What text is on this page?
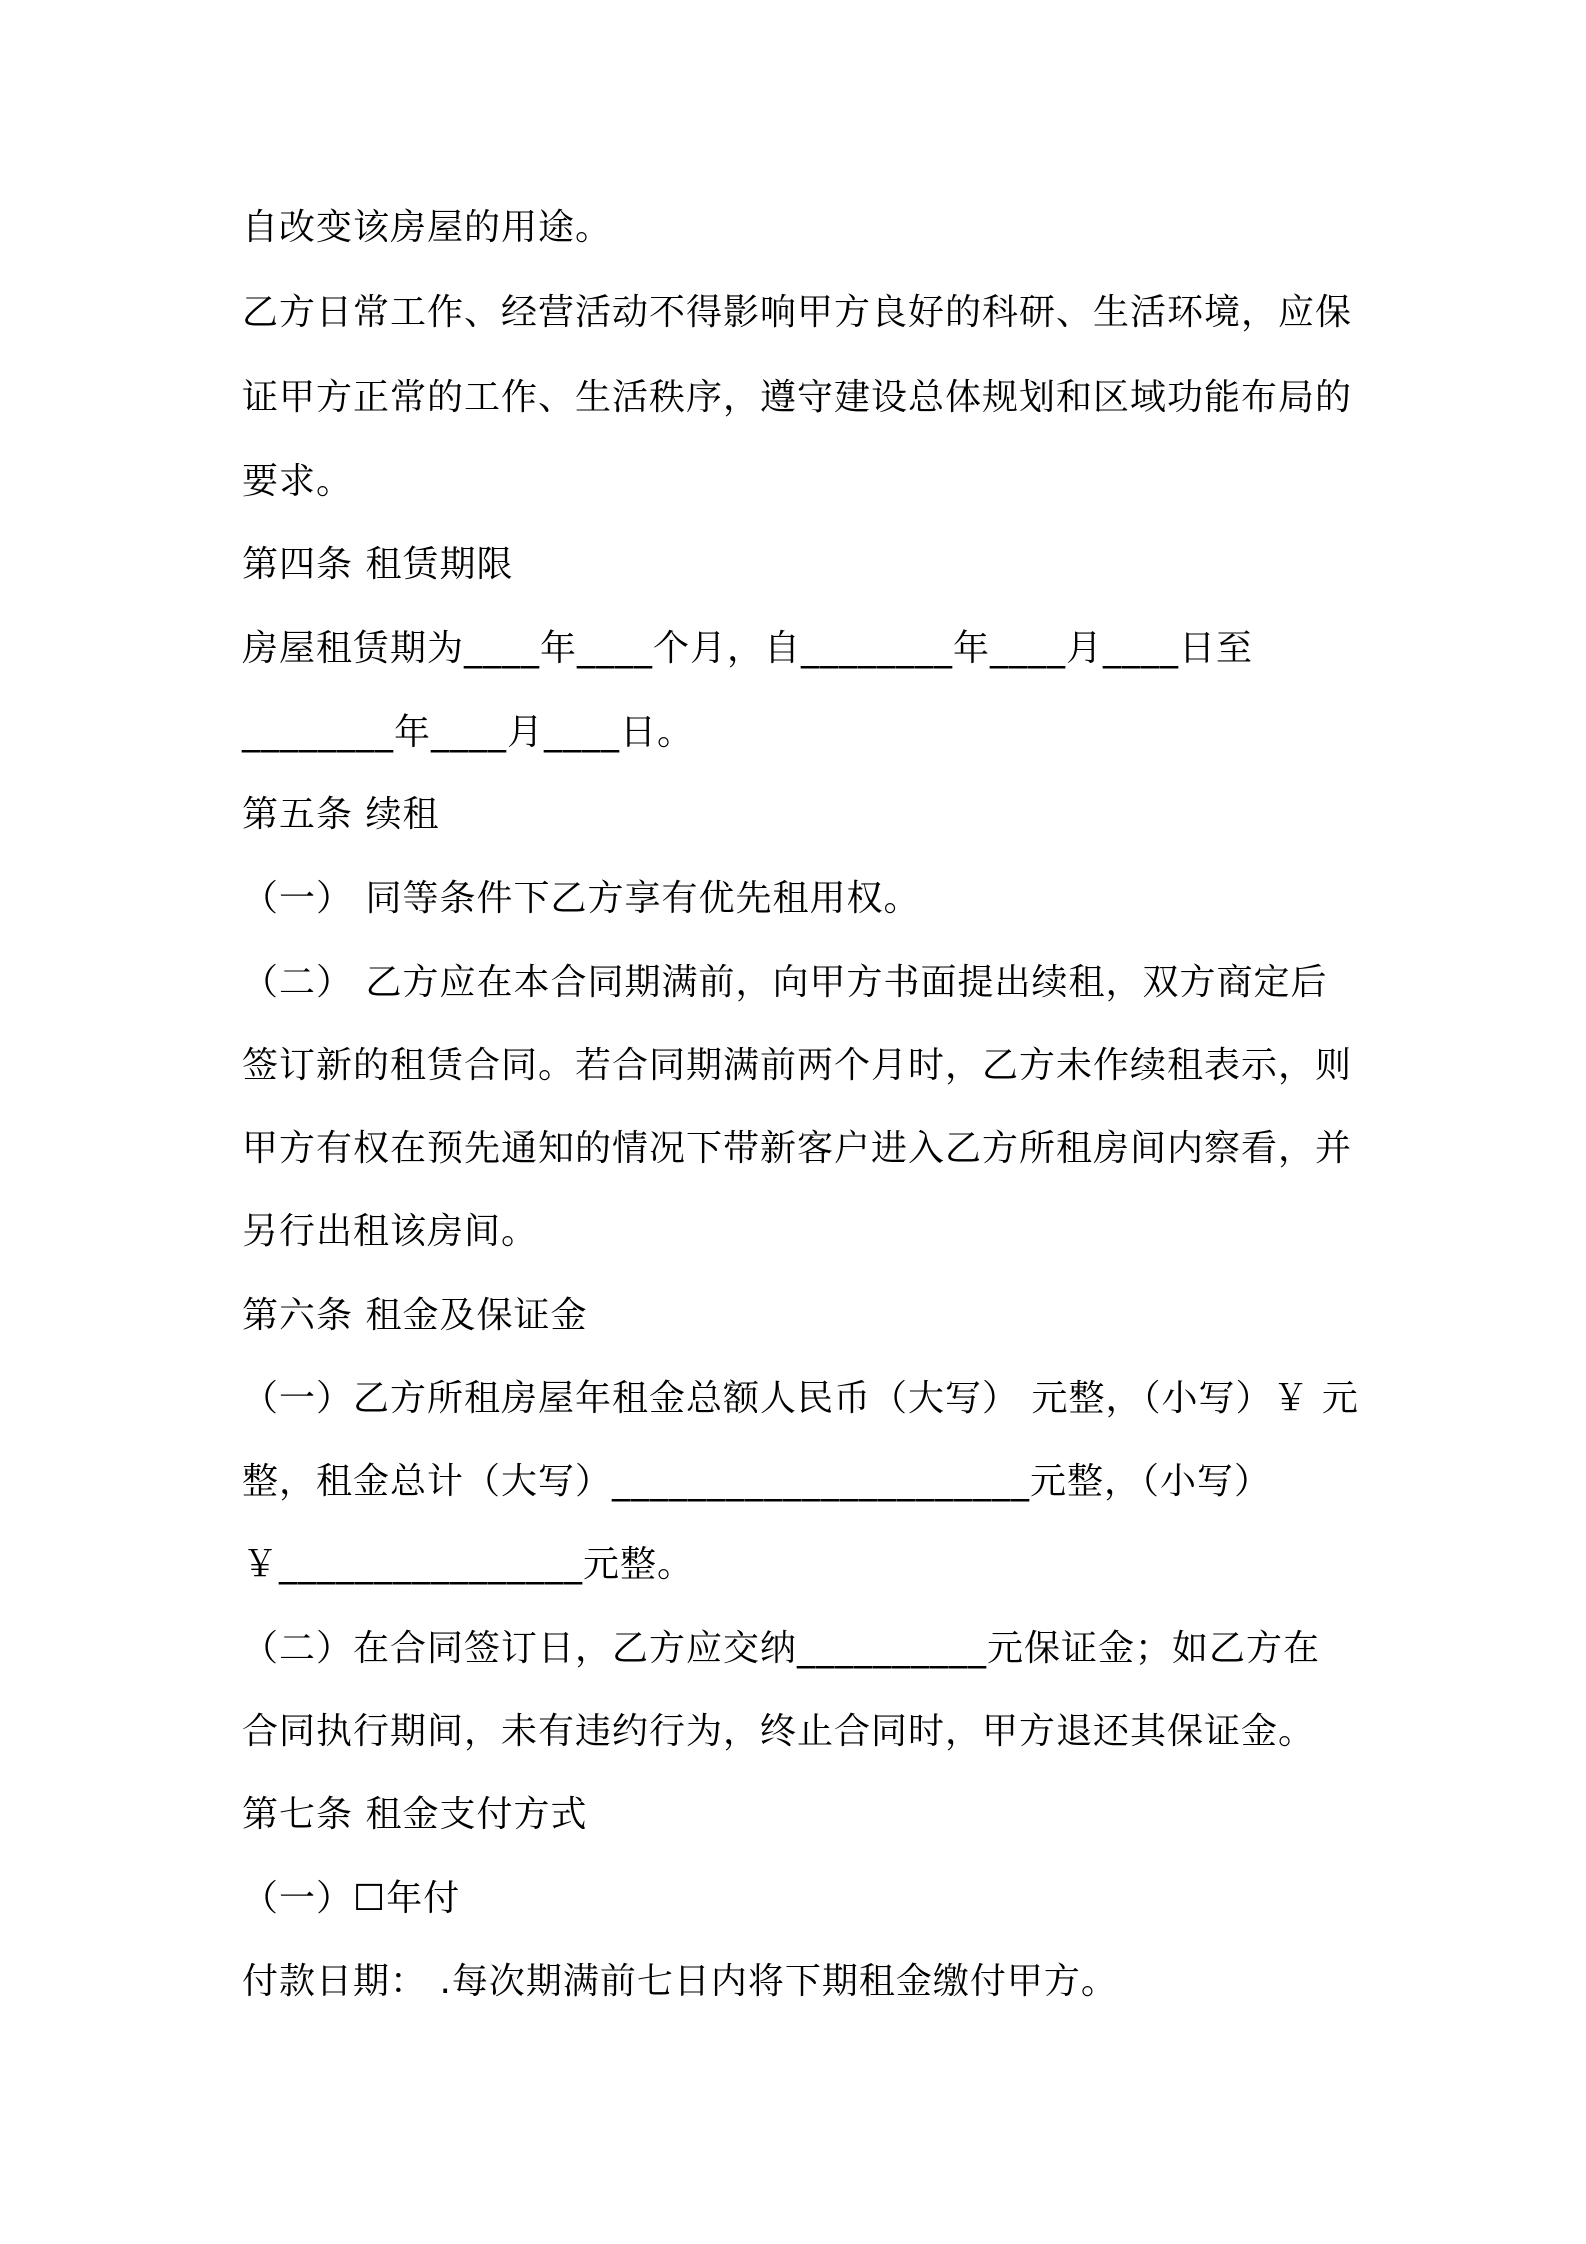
自改变该房屋的用途。

乙方日常工作、经营活动不得影响甲方良好的科研、生活环境，应保

证甲方正常的工作、生活秩序，遵守建设总体规划和区域功能布局的

要求。

第四条 租赁期限

房屋租赁期为____年____个月，自________年____月____日至

________年____月____日。

第五条 续租

（一） 同等条件下乙方享有优先租用权。

（二） 乙方应在本合同期满前，向甲方书面提出续租，双方商定后

签订新的租赁合同。若合同期满前两个月时，乙方未作续租表示，则

甲方有权在预先通知的情况下带新客户进入乙方所租房间内察看，并

另行出租该房间。

第六条 租金及保证金

（一）乙方所租房屋年租金总额人民币（大写） 元整，（小写）￥ 元

整，租金总计（大写）______________________元整，（小写）

￥________________元整。

（二）在合同签订日，乙方应交纳__________元保证金；如乙方在

合同执行期间，未有违约行为，终止合同时，甲方退还其保证金。

第七条 租金支付方式

（一）☐年付

付款日期： .每次期满前七日内将下期租金缴付甲方。
